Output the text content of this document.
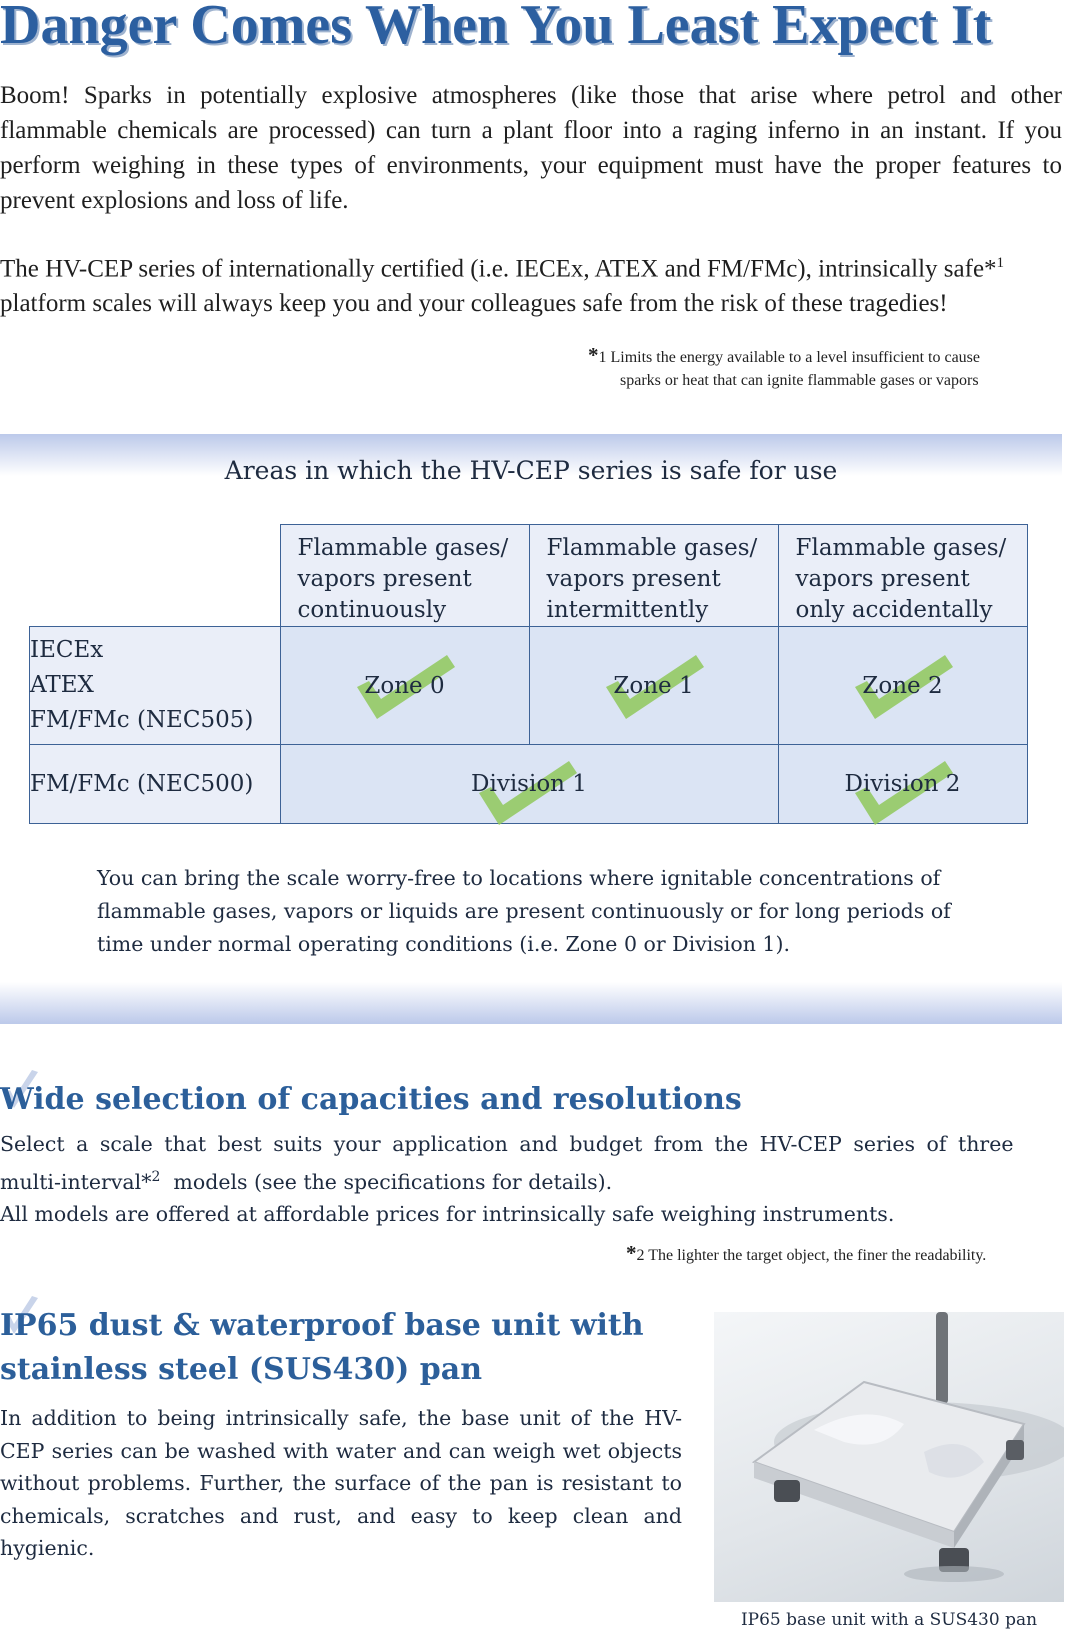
Danger Comes When You Least Expect It

Boom! Sparks in potentially explosive atmospheres (like those that arise where petrol and other flammable chemicals are processed) can turn a plant floor into a raging inferno in an instant. If you perform weighing in these types of environments, your equipment must have the proper features to prevent explosions and loss of life.

The HV-CEP series of internationally certified (i.e. IECEx, ATEX and FM/FMc), intrinsically safe*$^1$ platform scales will always keep you and your colleagues safe from the risk of these tragedies!

*1 Limits the energy available to a level insufficient to cause
sparks or heat that can ignite flammable gases or vapors
Areas in which the HV-CEP series is safe for use
	Flammable gases/ vapors present continuously	Flammable gases/ vapors present intermittently	Flammable gases/ vapors present only accidentally

IECEx
ATEX
FM/FMc (NEC505)	Zone 0	Zone 1	Zone 2
FM/FMc (NEC500)	Division 1		Division 2
You can bring the scale worry-free to locations where ignitable concentrations of flammable gases, vapors or liquids are present continuously or for long periods of time under normal operating conditions (i.e. Zone 0 or Division 1).
Wide selection of capacities and resolutions
Select a scale that best suits your application and budget from the HV-CEP series of three
multi-interval*$^2$  models (see the specifications for details).
All models are offered at affordable prices for intrinsically safe weighing instruments.
*2 The lighter the target object, the finer the readability.
IP65 dust & waterproof base unit with
stainless steel (SUS430) pan
In addition to being intrinsically safe, the base unit of the HV-CEP series can be washed with water and can weigh wet objects without problems. Further, the surface of the pan is resistant to chemicals, scratches and rust, and easy to keep clean and hygienic.
IP65 base unit with a SUS430 pan
